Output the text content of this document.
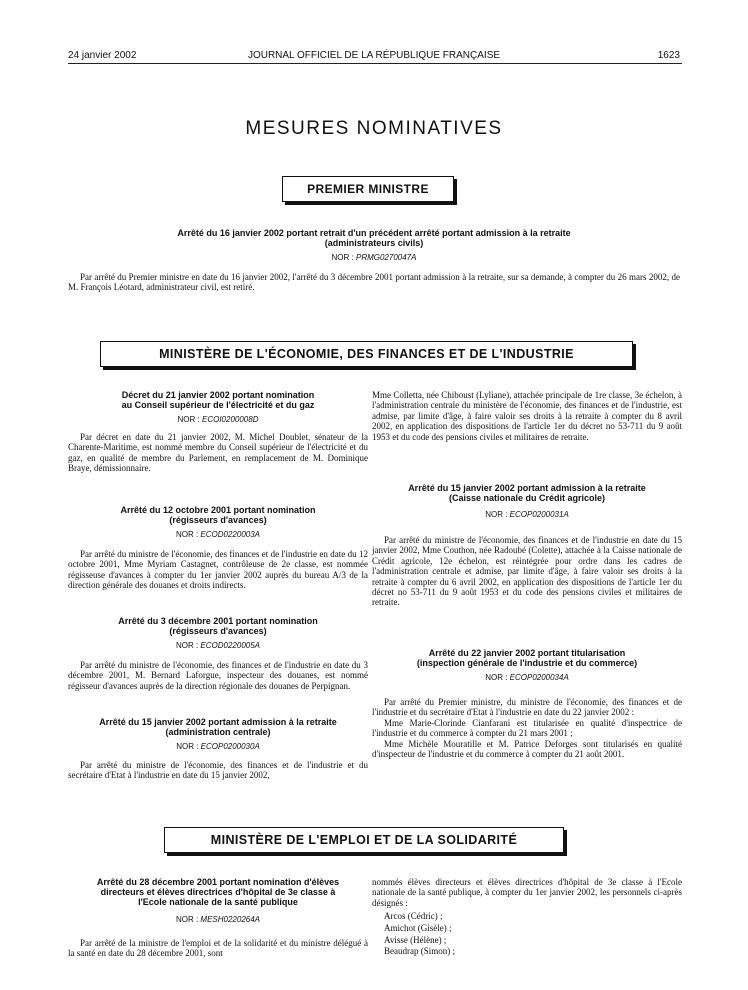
24 janvier 2002	JOURNAL OFFICIEL DE LA RÉPUBLIQUE FRANÇAISE	1623
MESURES NOMINATIVES
PREMIER MINISTRE
Arrêté du 16 janvier 2002 portant retrait d'un précédent arrêté portant admission à la retraite
(administrateurs civils)
NOR : PRMG0270047A
Par arrêté du Premier ministre en date du 16 janvier 2002, l'arrêté du 3 décembre 2001 portant admission à la retraite, sur sa demande, à compter du 26 mars 2002, de M. François Léotard, administrateur civil, est retiré.
MINISTÈRE DE L'ÉCONOMIE, DES FINANCES ET DE L'INDUSTRIE
Décret du 21 janvier 2002 portant nomination
au Conseil supérieur de l'électricité et du gaz
NOR : ECOI0200008D
Par décret en date du 21 janvier 2002, M. Michel Doublet, sénateur de la Charente-Maritime, est nommé membre du Conseil supérieur de l'électricité et du gaz, en qualité de membre du Parlement, en remplacement de M. Dominique Braye, démissionnaire.
Arrêté du 12 octobre 2001 portant nomination
(régisseurs d'avances)
NOR : ECOD0220003A
Par arrêté du ministre de l'économie, des finances et de l'industrie en date du 12 octobre 2001, Mme Myriam Castagnet, contrôleuse de 2e classe, est nommée régisseuse d'avances à compter du 1er janvier 2002 auprès du bureau A/3 de la direction générale des douanes et droits indirects.
Arrêté du 3 décembre 2001 portant nomination
(régisseurs d'avances)
NOR : ECOD0220005A
Par arrêté du ministre de l'économie, des finances et de l'industrie en date du 3 décembre 2001, M. Bernard Laforgue, inspecteur des douanes, est nommé régisseur d'avances auprès de la direction régionale des douanes de Perpignan.
Arrêté du 15 janvier 2002 portant admission à la retraite
(administration centrale)
NOR : ECOP0200030A
Par arrêté du ministre de l'économie, des finances et de l'industrie et du secrétaire d'Etat à l'industrie en date du 15 janvier 2002,
Mme Colletta, née Chiboust (Lyliane), attachée principale de 1re classe, 3e échelon, à l'administration centrale du ministère de l'économie, des finances et de l'industrie, est admise, par limite d'âge, à faire valoir ses droits à la retraite à compter du 8 avril 2002, en application des dispositions de l'article 1er du décret no 53-711 du 9 août 1953 et du code des pensions civiles et militaires de retraite.
Arrêté du 15 janvier 2002 portant admission à la retraite
(Caisse nationale du Crédit agricole)
NOR : ECOP0200031A
Par arrêté du ministre de l'économie, des finances et de l'industrie en date du 15 janvier 2002, Mme Couthon, née Radoubé (Colette), attachée à la Caisse nationale de Crédit agricole, 12e échelon, est réintégrée pour ordre dans les cadres de l'administration centrale et admise, par limite d'âge, à faire valoir ses droits à la retraite à compter du 6 avril 2002, en application des dispositions de l'article 1er du décret no 53-711 du 9 août 1953 et du code des pensions civiles et militaires de retraite.
Arrêté du 22 janvier 2002 portant titularisation
(inspection générale de l'industrie et du commerce)
NOR : ECOP0200034A
Par arrêté du Premier ministre, du ministre de l'économie, des finances et de l'industrie et du secrétaire d'Etat à l'industrie en date du 22 janvier 2002 :
Mme Marie-Clorinde Cianfarani est titularisée en qualité d'inspectrice de l'industrie et du commerce à compter du 21 mars 2001 ;
Mme Michèle Mouratille et M. Patrice Deforges sont titularisés en qualité d'inspecteur de l'industrie et du commerce à compter du 21 août 2001.
MINISTÈRE DE L'EMPLOI ET DE LA SOLIDARITÉ
Arrêté du 28 décembre 2001 portant nomination d'élèves
directeurs et élèves directrices d'hôpital de 3e classe à
l'Ecole nationale de la santé publique
NOR : MESH0220264A
Par arrêté de la ministre de l'emploi et de la solidarité et du ministre délégué à la santé en date du 28 décembre 2001, sont
nommés élèves directeurs et élèves directrices d'hôpital de 3e classe à l'Ecole nationale de la santé publique, à compter du 1er janvier 2002, les personnels ci-après désignés :
Arcos (Cédric) ;
Amichot (Gisèle) ;
Avisse (Hélène) ;
Beaudrap (Simon) ;
